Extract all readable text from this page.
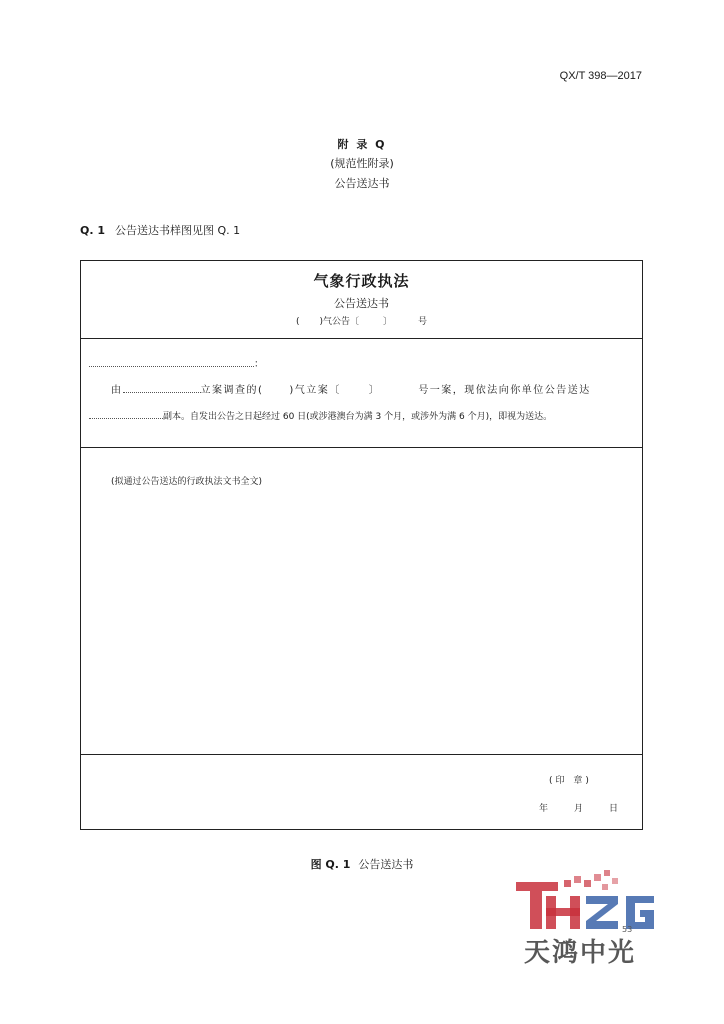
QX/T 398—2017
附 录 Q
(规范性附录)
公告送达书
Q. 1 公告送达书样图见图 Q. 1
气象行政执法
公告送达书
( )气公告〔	〕	号
：
由	立案调查的(	)气立案〔	〕	号一案，现依法向你单位公告送达
副本。自发出公告之日起经过 60 日(或涉港澳台为满 3 个月，或涉外为满 6 个月)，即视为送达。
(拟通过公告送达的行政执法文书全文)
(印 章)
年	月	日
图 Q. 1 公告送达书
天鸿中光
53
